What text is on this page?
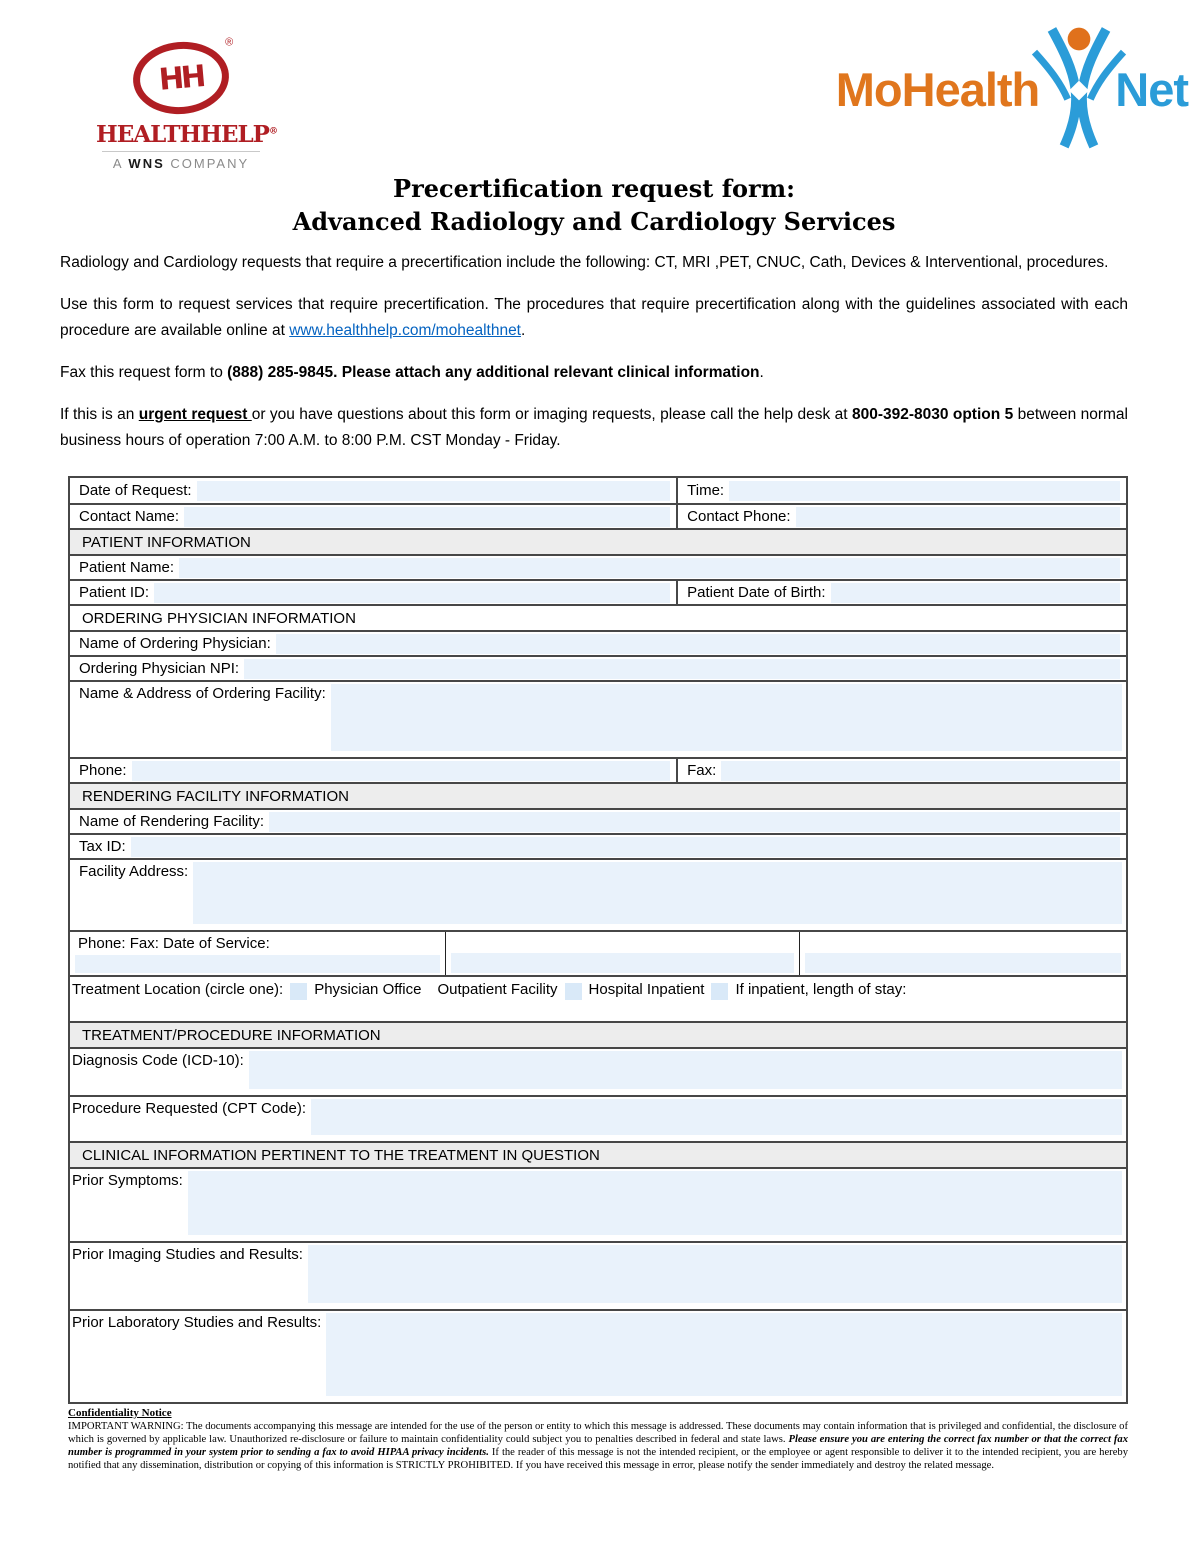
HH
®
HEALTHHELP®
A WNS COMPANY
MoHealth Net
Precertification request form:
Advanced Radiology and Cardiology Services

Radiology and Cardiology requests that require a precertification include the following: CT, MRI ,PET, CNUC, Cath, Devices & Interventional, procedures.

Use this form to request services that require precertification. The procedures that require precertification along with the guidelines associated with each procedure are available online at www.healthhelp.com/mohealthnet.

Fax this request form to (888) 285-9845. Please attach any additional relevant clinical information.

If this is an urgent request or you have questions about this form or imaging requests, please call the help desk at 800-392-8030 option 5 between normal business hours of operation 7:00 A.M. to 8:00 P.M. CST Monday - Friday.

Date of Request:	Time:
Contact Name:	Contact Phone:
PATIENT INFORMATION
Patient Name:
Patient ID:	Patient Date of Birth:
ORDERING PHYSICIAN INFORMATION
Name of Ordering Physician:
Ordering Physician NPI:
Name & Address of Ordering Facility:
Phone:	Fax:
RENDERING FACILITY INFORMATION
Name of Rendering Facility:
Tax ID:
Facility Address:
Phone: Fax: Date of Service:
Treatment Location (circle one): Physician Office Outpatient Facility Hospital Inpatient If inpatient, length of stay:
TREATMENT/PROCEDURE INFORMATION
Diagnosis Code (ICD-10):
Procedure Requested (CPT Code):
CLINICAL INFORMATION PERTINENT TO THE TREATMENT IN QUESTION
Prior Symptoms:
Prior Imaging Studies and Results:
Prior Laboratory Studies and Results:
Confidentiality Notice
IMPORTANT WARNING: The documents accompanying this message are intended for the use of the person or entity to which this message is addressed. These documents may contain information that is privileged and confidential, the disclosure of which is governed by applicable law. Unauthorized re-disclosure or failure to maintain confidentiality could subject you to penalties described in federal and state laws. Please ensure you are entering the correct fax number or that the correct fax number is programmed in your system prior to sending a fax to avoid HIPAA privacy incidents. If the reader of this message is not the intended recipient, or the employee or agent responsible to deliver it to the intended recipient, you are hereby notified that any dissemination, distribution or copying of this information is STRICTLY PROHIBITED. If you have received this message in error, please notify the sender immediately and destroy the related message.
